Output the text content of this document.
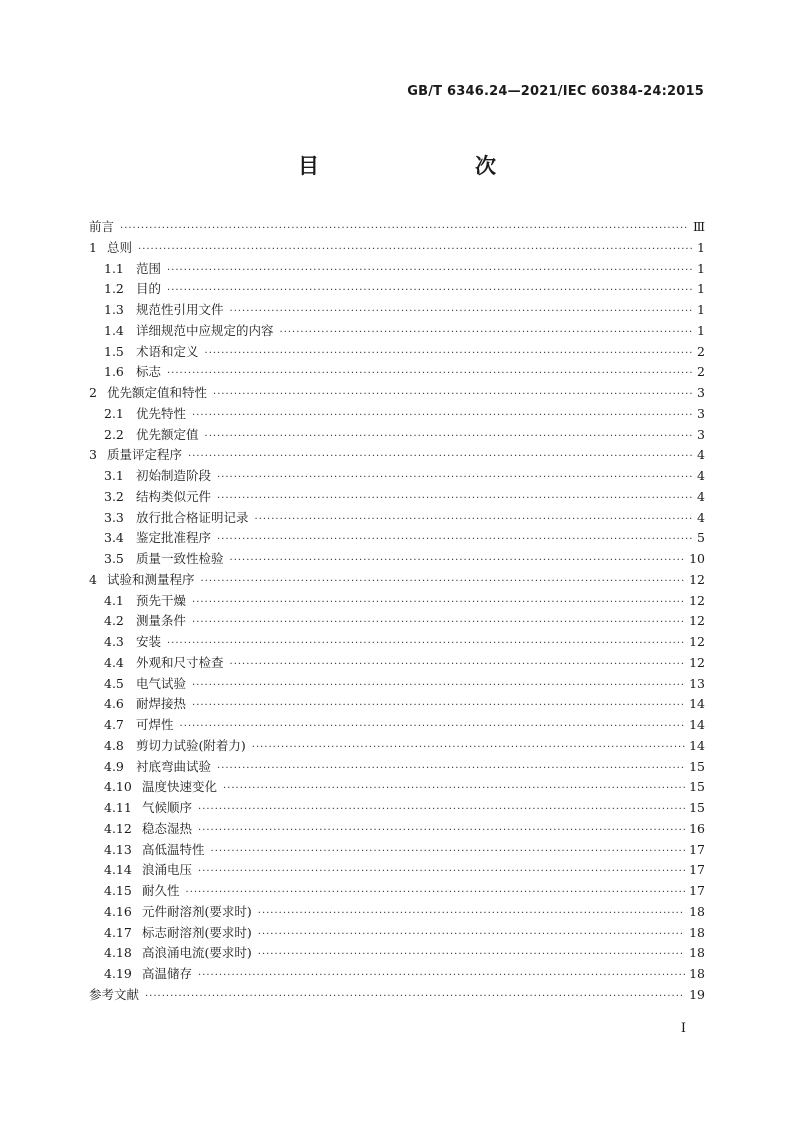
GB/T 6346.24—2021/IEC 60384-24:2015
目　　次
前言 ·····	Ⅲ
1 总则 ·····	1
1.1 范围 ·····	1
1.2 目的 ·····	1
1.3 规范性引用文件 ·····	1
1.4 详细规范中应规定的内容 ·····	1
1.5 术语和定义 ·····	2
1.6 标志 ·····	2
2 优先额定值和特性 ·····	3
2.1 优先特性 ·····	3
2.2 优先额定值 ·····	3
3 质量评定程序 ·····	4
3.1 初始制造阶段 ·····	4
3.2 结构类似元件 ·····	4
3.3 放行批合格证明记录 ·····	4
3.4 鉴定批准程序 ·····	5
3.5 质量一致性检验 ·····	10
4 试验和测量程序 ·····	12
4.1 预先干燥 ·····	12
4.2 测量条件 ·····	12
4.3 安装 ·····	12
4.4 外观和尺寸检查 ·····	12
4.5 电气试验 ·····	13
4.6 耐焊接热 ·····	14
4.7 可焊性 ·····	14
4.8 剪切力试验(附着力) ·····	14
4.9 衬底弯曲试验 ·····	15
4.10 温度快速变化 ·····	15
4.11 气候顺序 ·····	15
4.12 稳态湿热 ·····	16
4.13 高低温特性 ·····	17
4.14 浪涌电压 ·····	17
4.15 耐久性 ·····	17
4.16 元件耐溶剂(要求时) ·····	18
4.17 标志耐溶剂(要求时) ·····	18
4.18 高浪涌电流(要求时) ·····	18
4.19 高温储存 ·····	18
参考文献 ·····	19
I
